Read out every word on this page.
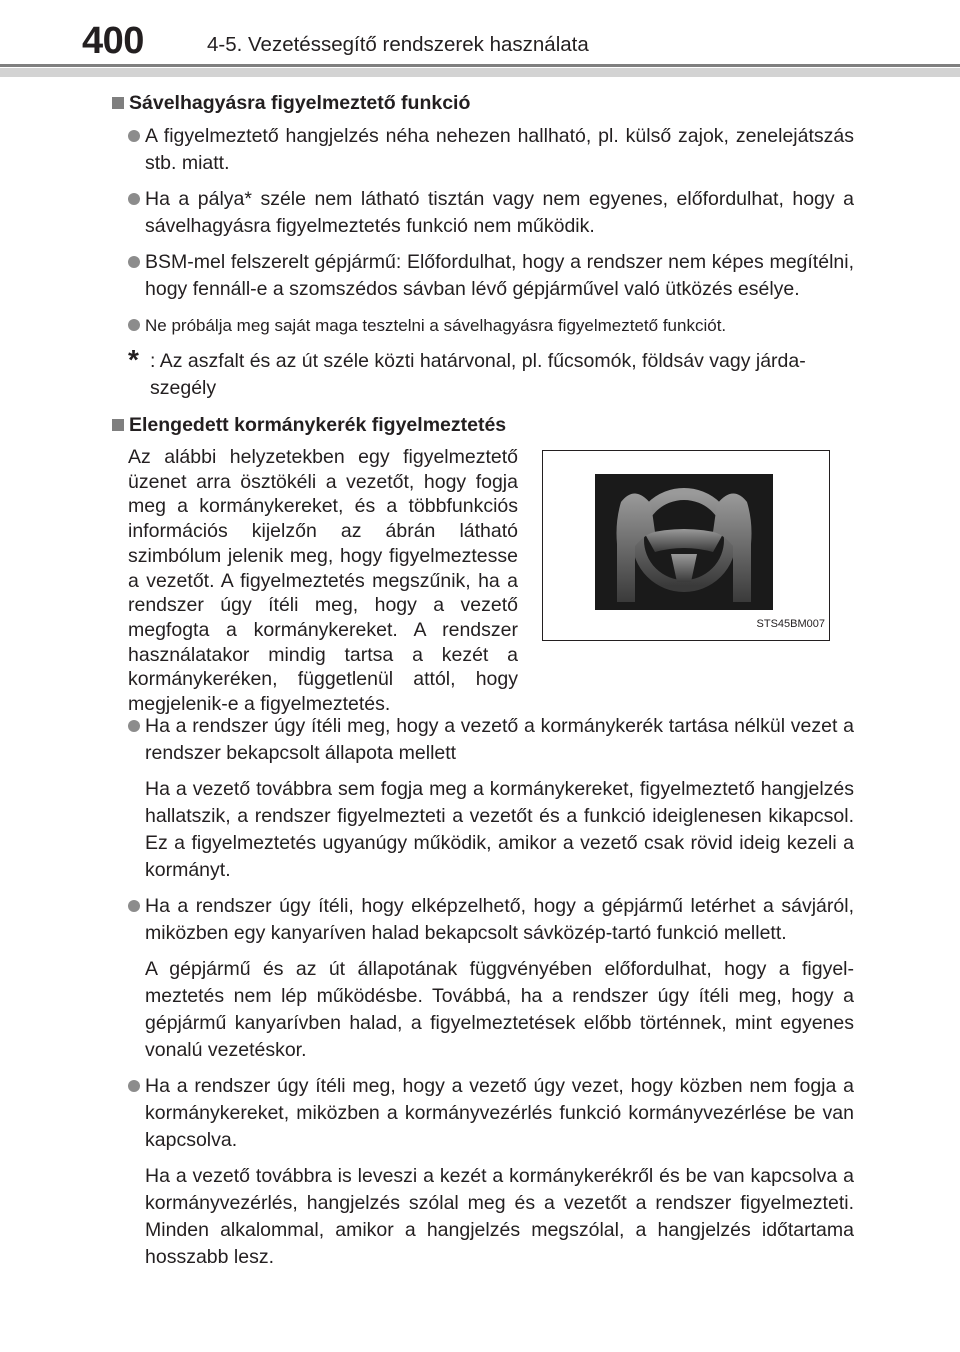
400	4-5. Vezetéssegítő rendszerek használata
Sávelhagyásra figyelmeztető funkció
A figyelmeztető hangjelzés néha nehezen hallható, pl. külső zajok, zenelejátszás stb. miatt.
Ha a pálya* széle nem látható tisztán vagy nem egyenes, előfordulhat, hogy a sávelhagyásra figyelmeztetés funkció nem működik.
BSM-mel felszerelt gépjármű: Előfordulhat, hogy a rendszer nem képes megítélni, hogy fennáll-e a szomszédos sávban lévő gépjárművel való ütközés esélye.
Ne próbálja meg saját maga tesztelni a sávelhagyásra figyelmeztető funkciót.
* : Az aszfalt és az út széle közti határvonal, pl. fűcsomók, földsáv vagy járdaszegély
Elengedett kormánykerék figyelmeztetés
Az alábbi helyzetekben egy figyelmeztető üzenet arra ösztökéli a vezetőt, hogy fogja meg a kormánykereket, és a többfunkciós információs kijelzőn az ábrán látható szimbólum jelenik meg, hogy figyelmeztesse a vezetőt. A figyelmeztetés megszűnik, ha a rendszer úgy ítéli meg, hogy a vezető megfogta a kormánykereket. A rendszer használatakor mindig tartsa a kezét a kormánykeréken, függetlenül attól, hogy megjelenik-e a figyelmeztetés.
STS45BM007
Ha a rendszer úgy ítéli meg, hogy a vezető a kormánykerék tartása nélkül vezet a rendszer bekapcsolt állapota mellett
Ha a vezető továbbra sem fogja meg a kormánykereket, figyelmeztető hangjelzés hallatszik, a rendszer figyelmezteti a vezetőt és a funkció ideiglenesen kikapcsol. Ez a figyelmeztetés ugyanúgy működik, amikor a vezető csak rövid ideig kezeli a kormányt.
Ha a rendszer úgy ítéli, hogy elképzelhető, hogy a gépjármű letérhet a sávjáról, miközben egy kanyaríven halad bekapcsolt sávközép-tartó funkció mellett.
A gépjármű és az út állapotának függvényében előfordulhat, hogy a figyelmeztetés nem lép működésbe. Továbbá, ha a rendszer úgy ítéli meg, hogy a gépjármű kanyarívben halad, a figyelmeztetések előbb történnek, mint egyenes vonalú vezetéskor.
Ha a rendszer úgy ítéli meg, hogy a vezető úgy vezet, hogy közben nem fogja a kormánykereket, miközben a kormányvezérlés funkció kormányvezérlése be van kapcsolva.
Ha a vezető továbbra is leveszi a kezét a kormánykerékről és be van kapcsolva a kormányvezérlés, hangjelzés szólal meg és a vezetőt a rendszer figyelmezteti. Minden alkalommal, amikor a hangjelzés megszólal, a hangjelzés időtartama hosszabb lesz.
